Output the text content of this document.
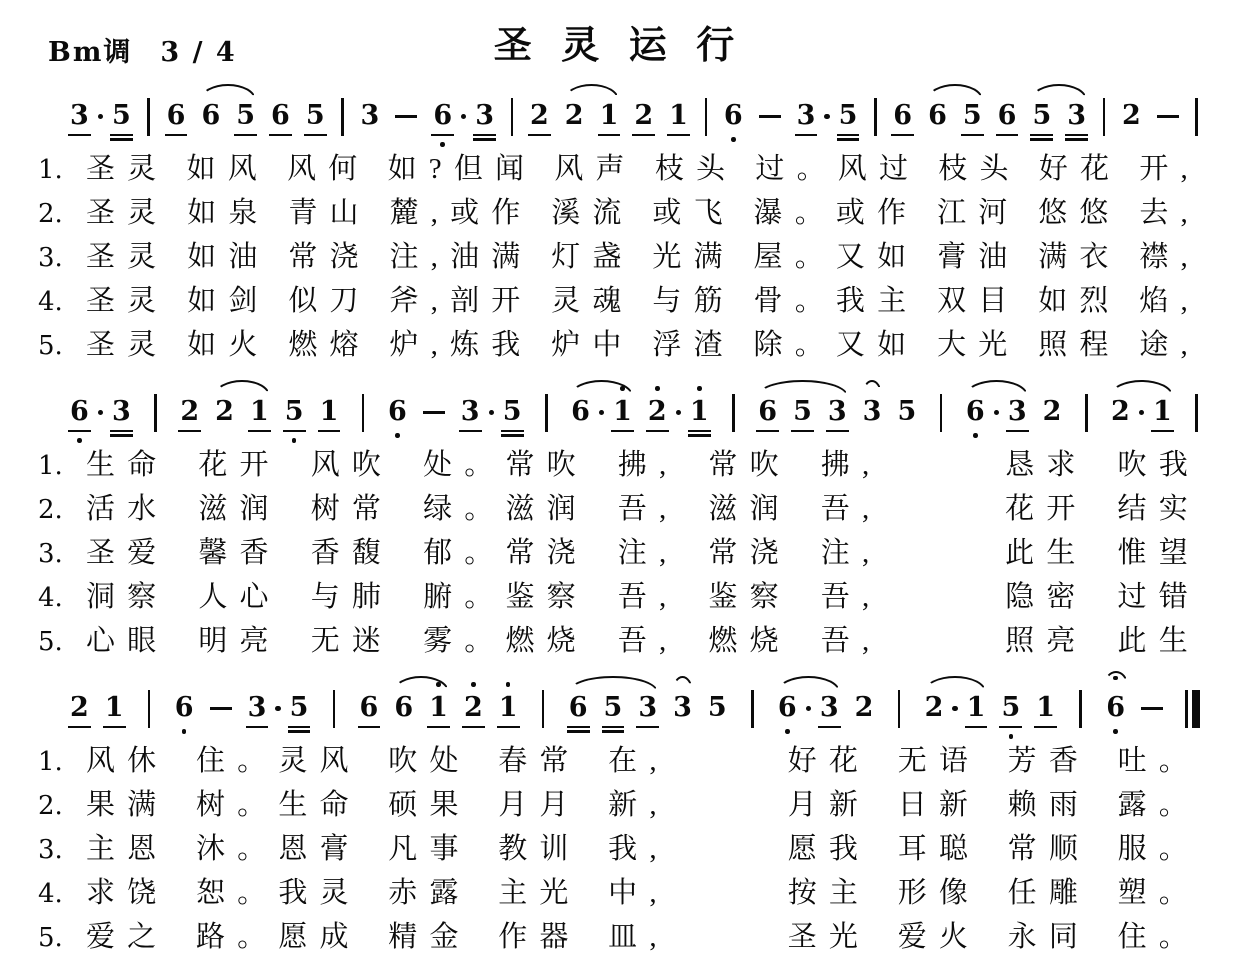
Bm调 3 / 4	圣 灵 运 行
3 5 6 6 5 6 5 3 6 3 2 2 1 2 1 6 3 5 6 6 5 6 5 3 2
1. 圣灵 如风 风何 如?但闻 风声 枝头 过。风过 枝头 好花 开,
2. 圣灵 如泉 青山 麓,或作 溪流 或飞 瀑。或作 江河 悠悠 去,
3. 圣灵 如油 常浇 注,油满 灯盏 光满 屋。又如 膏油 满衣 襟,
4. 圣灵 如剑 似刀 斧,剖开 灵魂 与筋 骨。我主 双目 如烈 焰,
5. 圣灵 如火 燃熔 炉,炼我 炉中 浮渣 除。又如 大光 照程 途,
6 3 2 2 1 5 1 6 3 5 6 1 2 1 6 5 3 3 5 6 3 2 2 1
1. 生命 花开 风吹 处。常吹 拂, 常吹 拂,	恳求 吹我
2. 活水 滋润 树常 绿。滋润 吾, 滋润 吾,	花开 结实
3. 圣爱 馨香 香馥 郁。常浇 注, 常浇 注,	此生 惟望
4. 洞察 人心 与肺 腑。鉴察 吾, 鉴察 吾,	隐密 过错
5. 心眼 明亮 无迷 雾。燃烧 吾, 燃烧 吾,	照亮 此生
2 1 6 3 5 6 6 1 2 1 6 5 3 3 5 6 3 2 2 1 5 1 6
1. 风休 住。灵风 吹处 春常 在,	好花 无语 芳香 吐。
2. 果满 树。生命 硕果 月月 新,	月新 日新 赖雨 露。
3. 主恩 沐。恩膏 凡事 教训 我,	愿我 耳聪 常顺 服。
4. 求饶 恕。我灵 赤露 主光 中,	按主 形像 任雕 塑。
5. 爱之 路。愿成 精金 作器 皿,	圣光 爱火 永同 住。
